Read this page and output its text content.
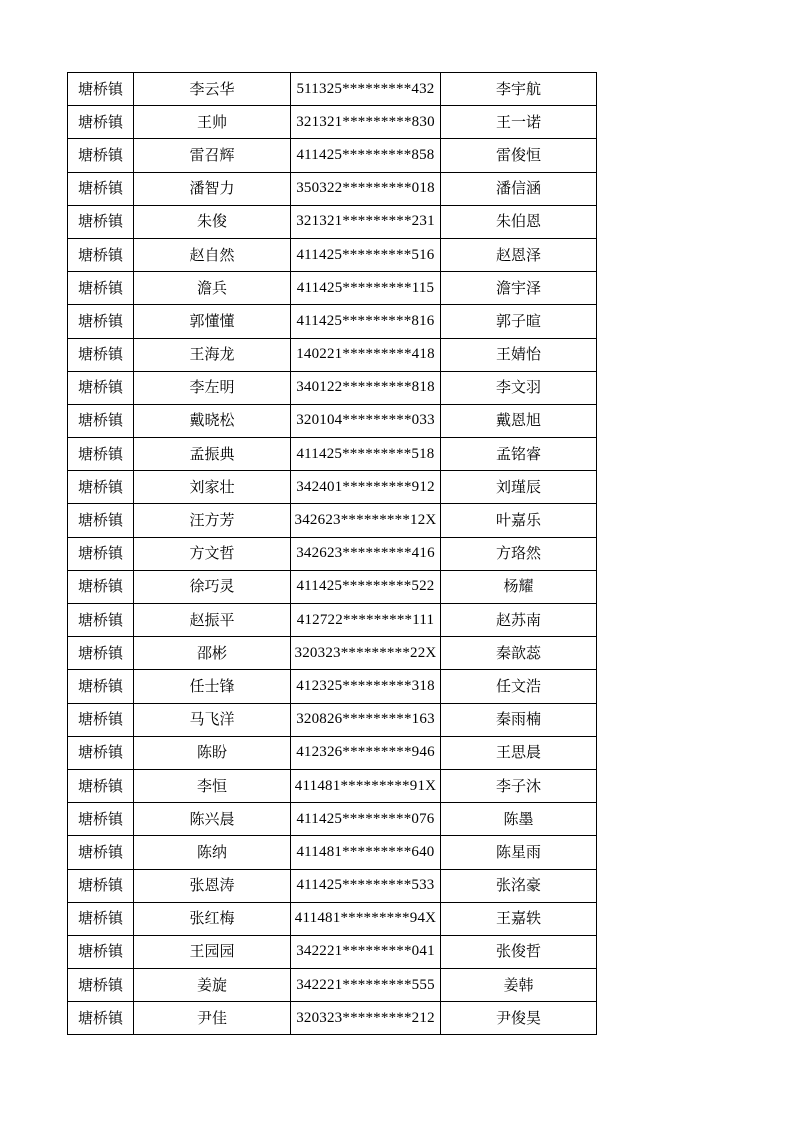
塘桥镇	李云华	511325*********432	李宇航
塘桥镇	王帅	321321*********830	王一诺
塘桥镇	雷召辉	411425*********858	雷俊恒
塘桥镇	潘智力	350322*********018	潘信涵
塘桥镇	朱俊	321321*********231	朱伯恩
塘桥镇	赵自然	411425*********516	赵恩泽
塘桥镇	澹兵	411425*********115	澹宇泽
塘桥镇	郭懂懂	411425*********816	郭子暄
塘桥镇	王海龙	140221*********418	王婧怡
塘桥镇	李左明	340122*********818	李文羽
塘桥镇	戴晓松	320104*********033	戴恩旭
塘桥镇	孟振典	411425*********518	孟铭睿
塘桥镇	刘家壮	342401*********912	刘瑾辰
塘桥镇	汪方芳	342623*********12X	叶嘉乐
塘桥镇	方文哲	342623*********416	方珞然
塘桥镇	徐巧灵	411425*********522	杨耀
塘桥镇	赵振平	412722*********111	赵苏南
塘桥镇	邵彬	320323*********22X	秦歆蕊
塘桥镇	任士锋	412325*********318	任文浩
塘桥镇	马飞洋	320826*********163	秦雨楠
塘桥镇	陈盼	412326*********946	王思晨
塘桥镇	李恒	411481*********91X	李子沐
塘桥镇	陈兴晨	411425*********076	陈墨
塘桥镇	陈纳	411481*********640	陈星雨
塘桥镇	张恩涛	411425*********533	张洺豪
塘桥镇	张红梅	411481*********94X	王嘉轶
塘桥镇	王园园	342221*********041	张俊哲
塘桥镇	姜旋	342221*********555	姜韩
塘桥镇	尹佳	320323*********212	尹俊昊
